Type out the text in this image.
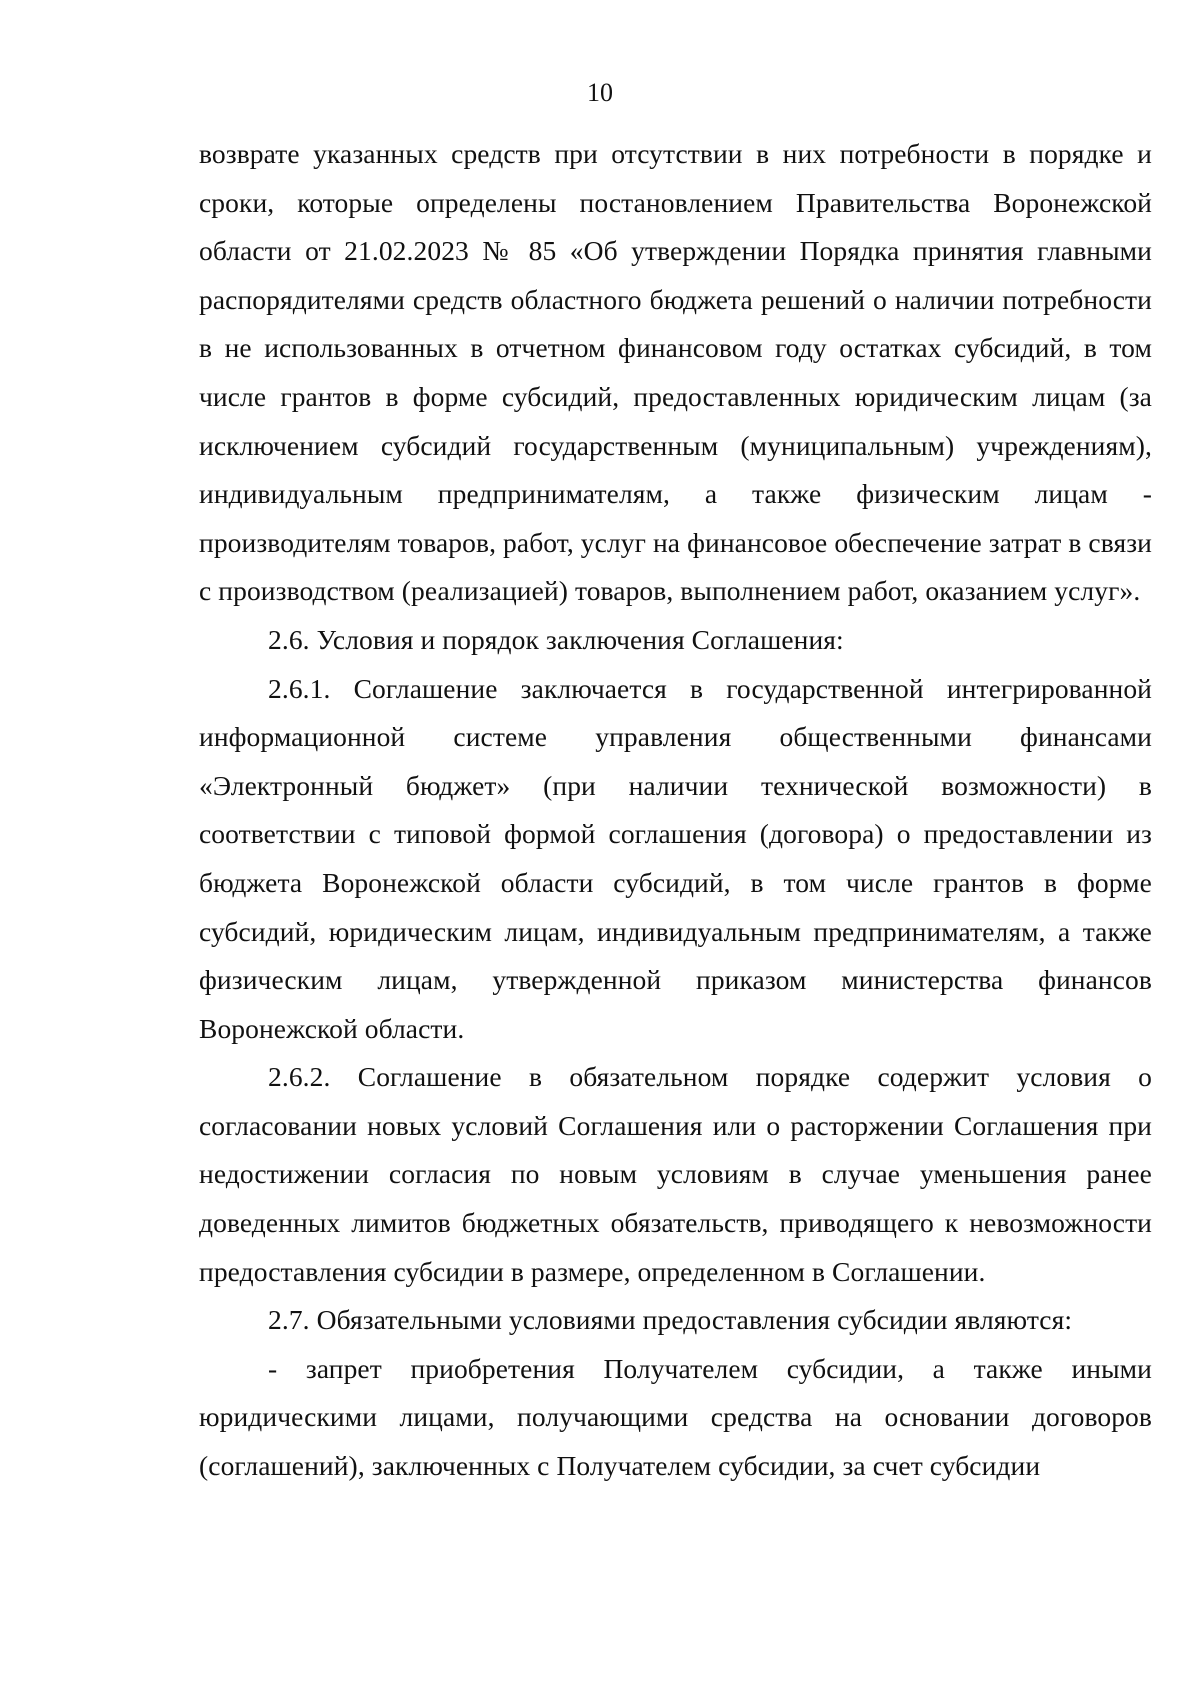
10

возврате указанных средств при отсутствии в них потребности в порядке и сроки, которые определены постановлением Правительства Воронежской области от 21.02.2023 № 85 «Об утверждении Порядка принятия главными распорядителями средств областного бюджета решений о наличии потребности в не использованных в отчетном финансовом году остатках субсидий, в том числе грантов в форме субсидий, предоставленных юридическим лицам (за исключением субсидий государственным (муниципальным) учреждениям), индивидуальным предпринимателям, а также физическим лицам - производителям товаров, работ, услуг на финансовое обеспечение затрат в связи с производством (реализацией) товаров, выполнением работ, оказанием услуг».

2.6. Условия и порядок заключения Соглашения:

2.6.1. Соглашение заключается в государственной интегрированной информационной системе управления общественными финансами «Электронный бюджет» (при наличии технической возможности) в соответствии с типовой формой соглашения (договора) о предоставлении из бюджета Воронежской области субсидий, в том числе грантов в форме субсидий, юридическим лицам, индивидуальным предпринимателям, а также физическим лицам, утвержденной приказом министерства финансов Воронежской области.

2.6.2. Соглашение в обязательном порядке содержит условия о согласовании новых условий Соглашения или о расторжении Соглашения при недостижении согласия по новым условиям в случае уменьшения ранее доведенных лимитов бюджетных обязательств, приводящего к невозможности предоставления субсидии в размере, определенном в Соглашении.

2.7. Обязательными условиями предоставления субсидии являются:

- запрет приобретения Получателем субсидии, а также иными юридическими лицами, получающими средства на основании договоров (соглашений), заключенных с Получателем субсидии, за счет субсидии
